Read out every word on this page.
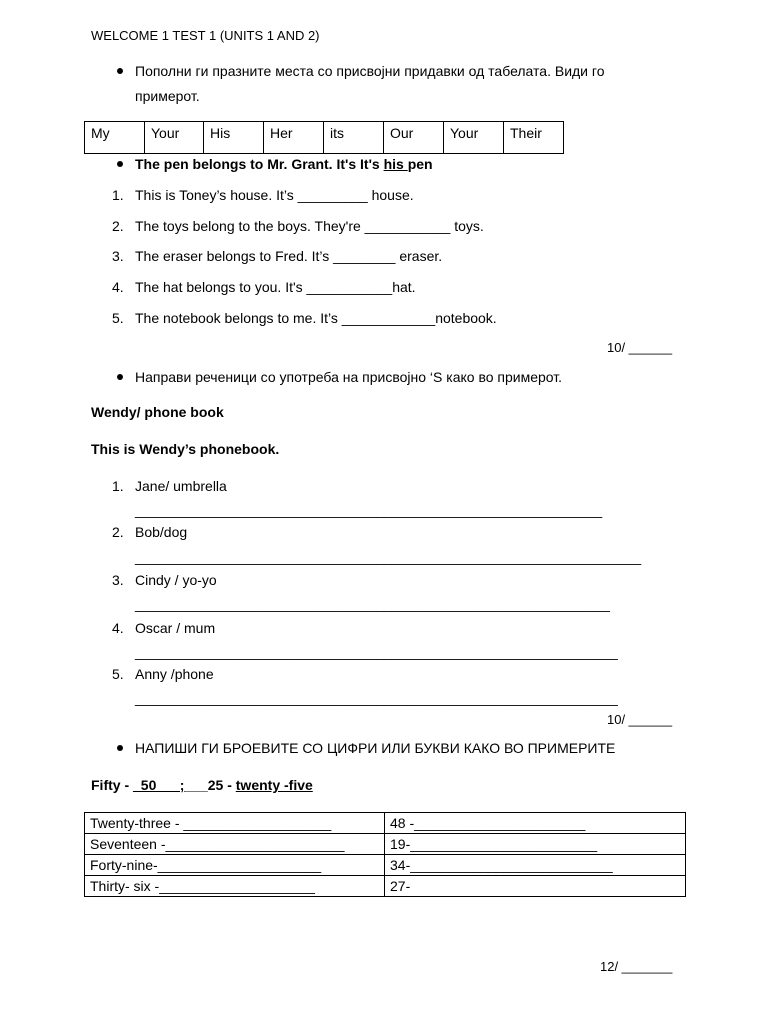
WELCOME 1 TEST 1 (UNITS 1 AND 2)
Пополни ги празните места со присвојни придавки од табелата. Види го
примерот.
My	Your	His	Her	its	Our	Your	Their
The pen belongs to Mr. Grant. It's It's his pen
1. This is Toney’s house. It’s _________ house.
2. The toys belong to the boys. They're ___________ toys.
3. The eraser belongs to Fred. It’s ________ eraser.
4. The hat belongs to you. It's ___________hat.
5. The notebook belongs to me. It’s ____________notebook.
10/ ______
Направи реченици со употреба на присвојно ‘S како во примерот.
Wendy/ phone book
This is Wendy’s phonebook.
1. Jane/ umbrella
____________________________________________________________
2. Bob/dog
_________________________________________________________________
3. Cindy / yo-yo
_____________________________________________________________
4. Oscar / mum
______________________________________________________________
5. Anny /phone
______________________________________________________________
10/ ______
НАПИШИ ГИ БРОЕВИТЕ СО ЦИФРИ ИЛИ БУКВИ КАКО ВО ПРИМЕРИТЕ
Fifty - _50___;___25 - twenty -five
Twenty-three - ___________________	48 -______________________
Seventeen -_______________________	19-________________________
Forty-nine-_____________________	34-__________________________
Thirty- six -____________________	27-
12/ _______
